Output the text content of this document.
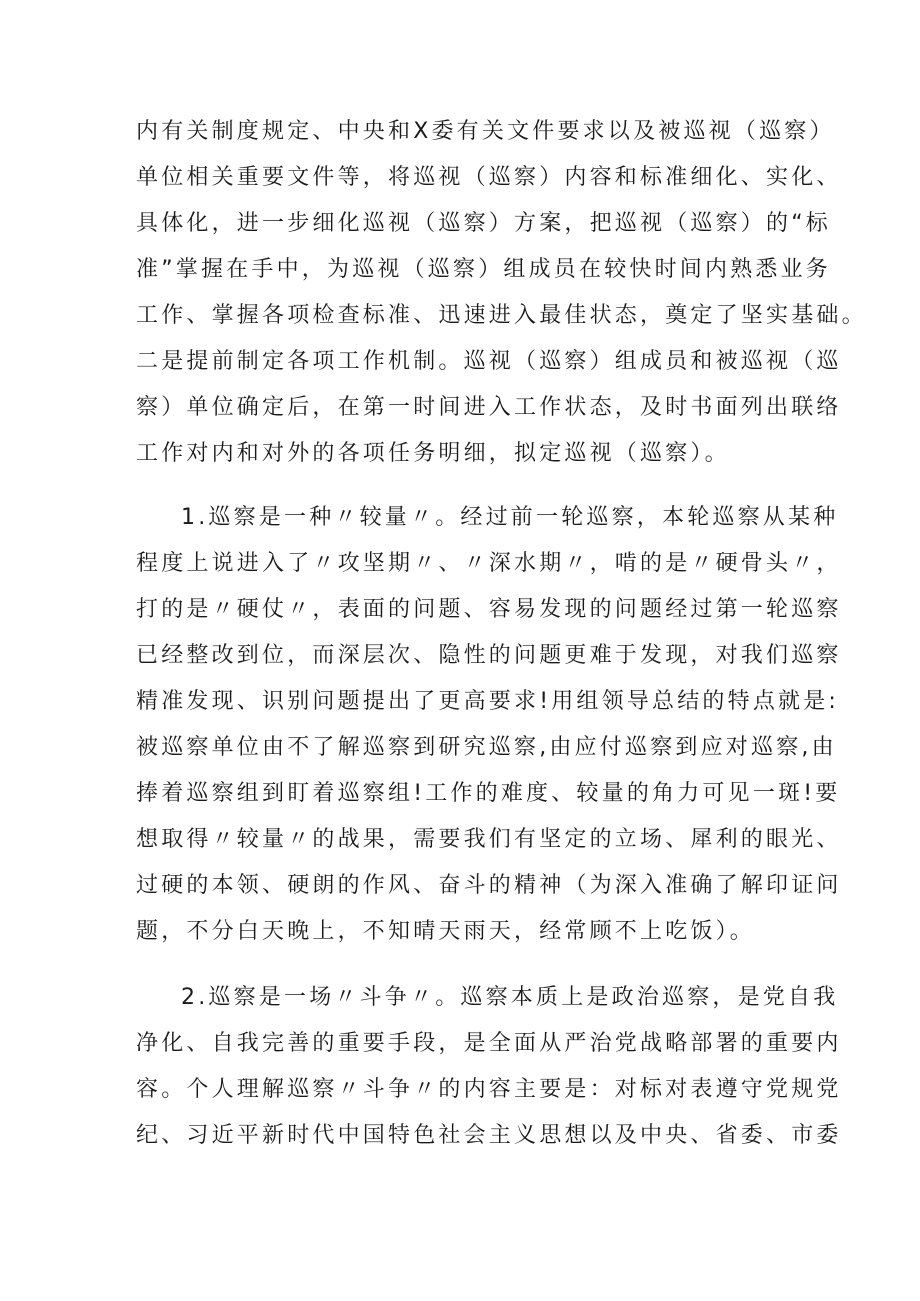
内有关制度规定、中央和X委有关文件要求以及被巡视（巡察）
单位相关重要文件等，将巡视（巡察）内容和标准细化、实化、
具体化，进一步细化巡视（巡察）方案，把巡视（巡察）的“标
准”掌握在手中，为巡视（巡察）组成员在较快时间内熟悉业务
工作、掌握各项检查标准、迅速进入最佳状态，奠定了坚实基础。
二是提前制定各项工作机制。巡视（巡察）组成员和被巡视（巡
察）单位确定后，在第一时间进入工作状态，及时书面列出联络
工作对内和对外的各项任务明细，拟定巡视（巡察）。
1.巡察是一种〃较量〃。经过前一轮巡察，本轮巡察从某种
程度上说进入了〃攻坚期〃、〃深水期〃，啃的是〃硬骨头〃，
打的是〃硬仗〃，表面的问题、容易发现的问题经过第一轮巡察
已经整改到位，而深层次、隐性的问题更难于发现，对我们巡察
精准发现、识别问题提出了更高要求!用组领导总结的特点就是:
被巡察单位由不了解巡察到研究巡察,由应付巡察到应对巡察,由
捧着巡察组到盯着巡察组!工作的难度、较量的角力可见一斑!要
想取得〃较量〃的战果，需要我们有坚定的立场、犀利的眼光、
过硬的本领、硬朗的作风、奋斗的精神（为深入准确了解印证问
题，不分白天晚上，不知晴天雨天，经常顾不上吃饭）。
2.巡察是一场〃斗争〃。巡察本质上是政治巡察，是党自我
净化、自我完善的重要手段，是全面从严治党战略部署的重要内
容。个人理解巡察〃斗争〃的内容主要是：对标对表遵守党规党
纪、习近平新时代中国特色社会主义思想以及中央、省委、市委
